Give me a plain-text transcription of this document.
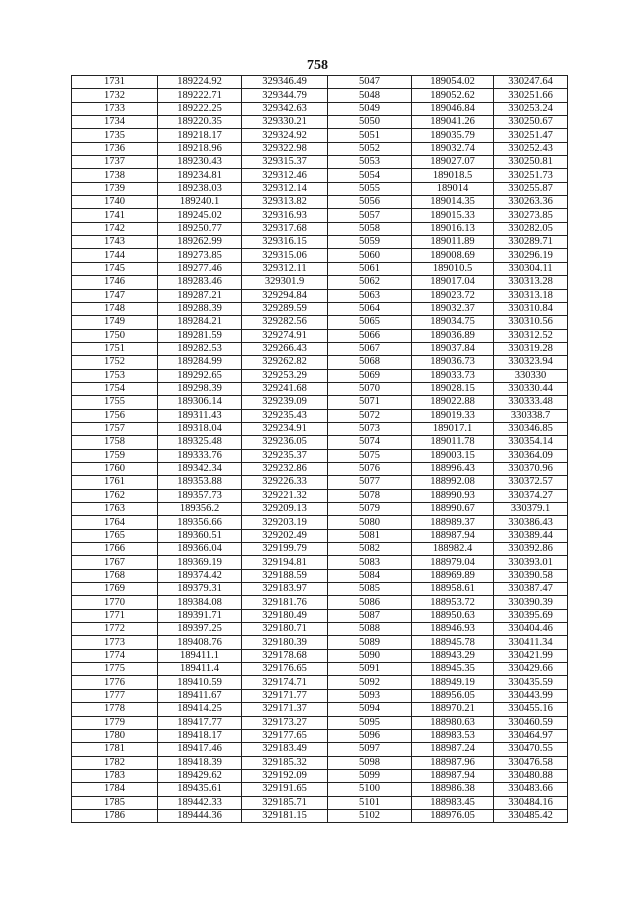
758
1731	189224.92	329346.49	5047	189054.02	330247.64
1732	189222.71	329344.79	5048	189052.62	330251.66
1733	189222.25	329342.63	5049	189046.84	330253.24
1734	189220.35	329330.21	5050	189041.26	330250.67
1735	189218.17	329324.92	5051	189035.79	330251.47
1736	189218.96	329322.98	5052	189032.74	330252.43
1737	189230.43	329315.37	5053	189027.07	330250.81
1738	189234.81	329312.46	5054	189018.5	330251.73
1739	189238.03	329312.14	5055	189014	330255.87
1740	189240.1	329313.82	5056	189014.35	330263.36
1741	189245.02	329316.93	5057	189015.33	330273.85
1742	189250.77	329317.68	5058	189016.13	330282.05
1743	189262.99	329316.15	5059	189011.89	330289.71
1744	189273.85	329315.06	5060	189008.69	330296.19
1745	189277.46	329312.11	5061	189010.5	330304.11
1746	189283.46	329301.9	5062	189017.04	330313.28
1747	189287.21	329294.84	5063	189023.72	330313.18
1748	189288.39	329289.59	5064	189032.37	330310.84
1749	189284.21	329282.56	5065	189034.75	330310.56
1750	189281.59	329274.91	5066	189036.89	330312.52
1751	189282.53	329266.43	5067	189037.84	330319.28
1752	189284.99	329262.82	5068	189036.73	330323.94
1753	189292.65	329253.29	5069	189033.73	330330
1754	189298.39	329241.68	5070	189028.15	330330.44
1755	189306.14	329239.09	5071	189022.88	330333.48
1756	189311.43	329235.43	5072	189019.33	330338.7
1757	189318.04	329234.91	5073	189017.1	330346.85
1758	189325.48	329236.05	5074	189011.78	330354.14
1759	189333.76	329235.37	5075	189003.15	330364.09
1760	189342.34	329232.86	5076	188996.43	330370.96
1761	189353.88	329226.33	5077	188992.08	330372.57
1762	189357.73	329221.32	5078	188990.93	330374.27
1763	189356.2	329209.13	5079	188990.67	330379.1
1764	189356.66	329203.19	5080	188989.37	330386.43
1765	189360.51	329202.49	5081	188987.94	330389.44
1766	189366.04	329199.79	5082	188982.4	330392.86
1767	189369.19	329194.81	5083	188979.04	330393.01
1768	189374.42	329188.59	5084	188969.89	330390.58
1769	189379.31	329183.97	5085	188958.61	330387.47
1770	189384.08	329181.76	5086	188953.72	330390.39
1771	189391.71	329180.49	5087	188950.63	330395.69
1772	189397.25	329180.71	5088	188946.93	330404.46
1773	189408.76	329180.39	5089	188945.78	330411.34
1774	189411.1	329178.68	5090	188943.29	330421.99
1775	189411.4	329176.65	5091	188945.35	330429.66
1776	189410.59	329174.71	5092	188949.19	330435.59
1777	189411.67	329171.77	5093	188956.05	330443.99
1778	189414.25	329171.37	5094	188970.21	330455.16
1779	189417.77	329173.27	5095	188980.63	330460.59
1780	189418.17	329177.65	5096	188983.53	330464.97
1781	189417.46	329183.49	5097	188987.24	330470.55
1782	189418.39	329185.32	5098	188987.96	330476.58
1783	189429.62	329192.09	5099	188987.94	330480.88
1784	189435.61	329191.65	5100	188986.38	330483.66
1785	189442.33	329185.71	5101	188983.45	330484.16
1786	189444.36	329181.15	5102	188976.05	330485.42
